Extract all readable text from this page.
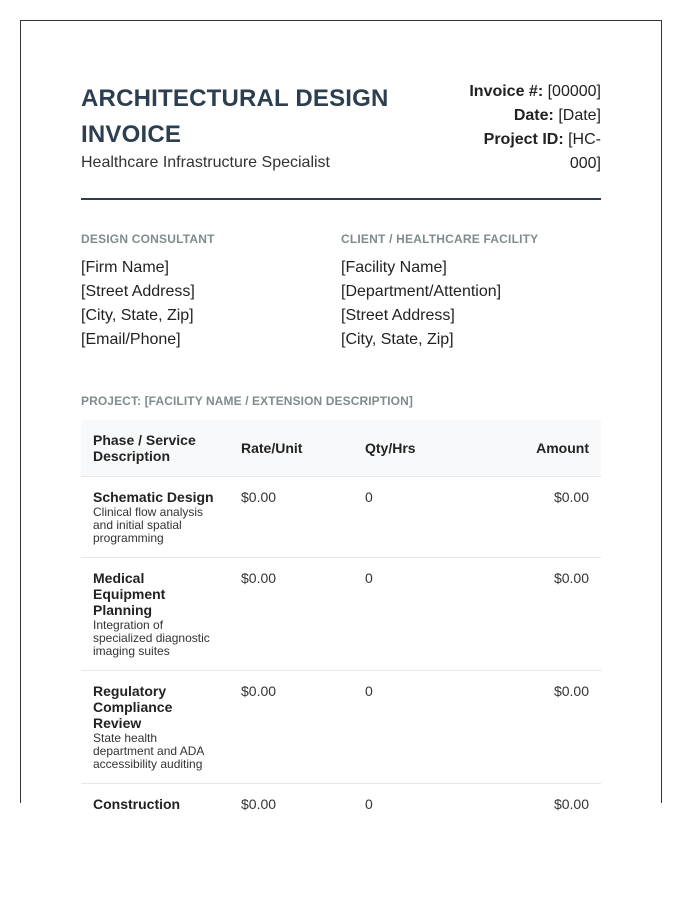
ARCHITECTURAL DESIGN
INVOICE
Healthcare Infrastructure Specialist
Invoice #: [00000]
Date: [Date]
Project ID: [HC-
000]
DESIGN CONSULTANT
[Firm Name]
[Street Address]
[City, State, Zip]
[Email/Phone]
CLIENT / HEALTHCARE FACILITY
[Facility Name]
[Department/Attention]
[Street Address]
[City, State, Zip]
PROJECT: [FACILITY NAME / EXTENSION DESCRIPTION]
Phase / Service Description	Rate/Unit	Qty/Hrs	Amount

Schematic Design
Clinical flow analysis and initial spatial programming	$0.00	0	$0.00

Medical Equipment Planning
Integration of specialized diagnostic imaging suites	$0.00	0	$0.00

Regulatory Compliance Review
State health department and ADA accessibility auditing	$0.00	0	$0.00

Construction	$0.00	0	$0.00
